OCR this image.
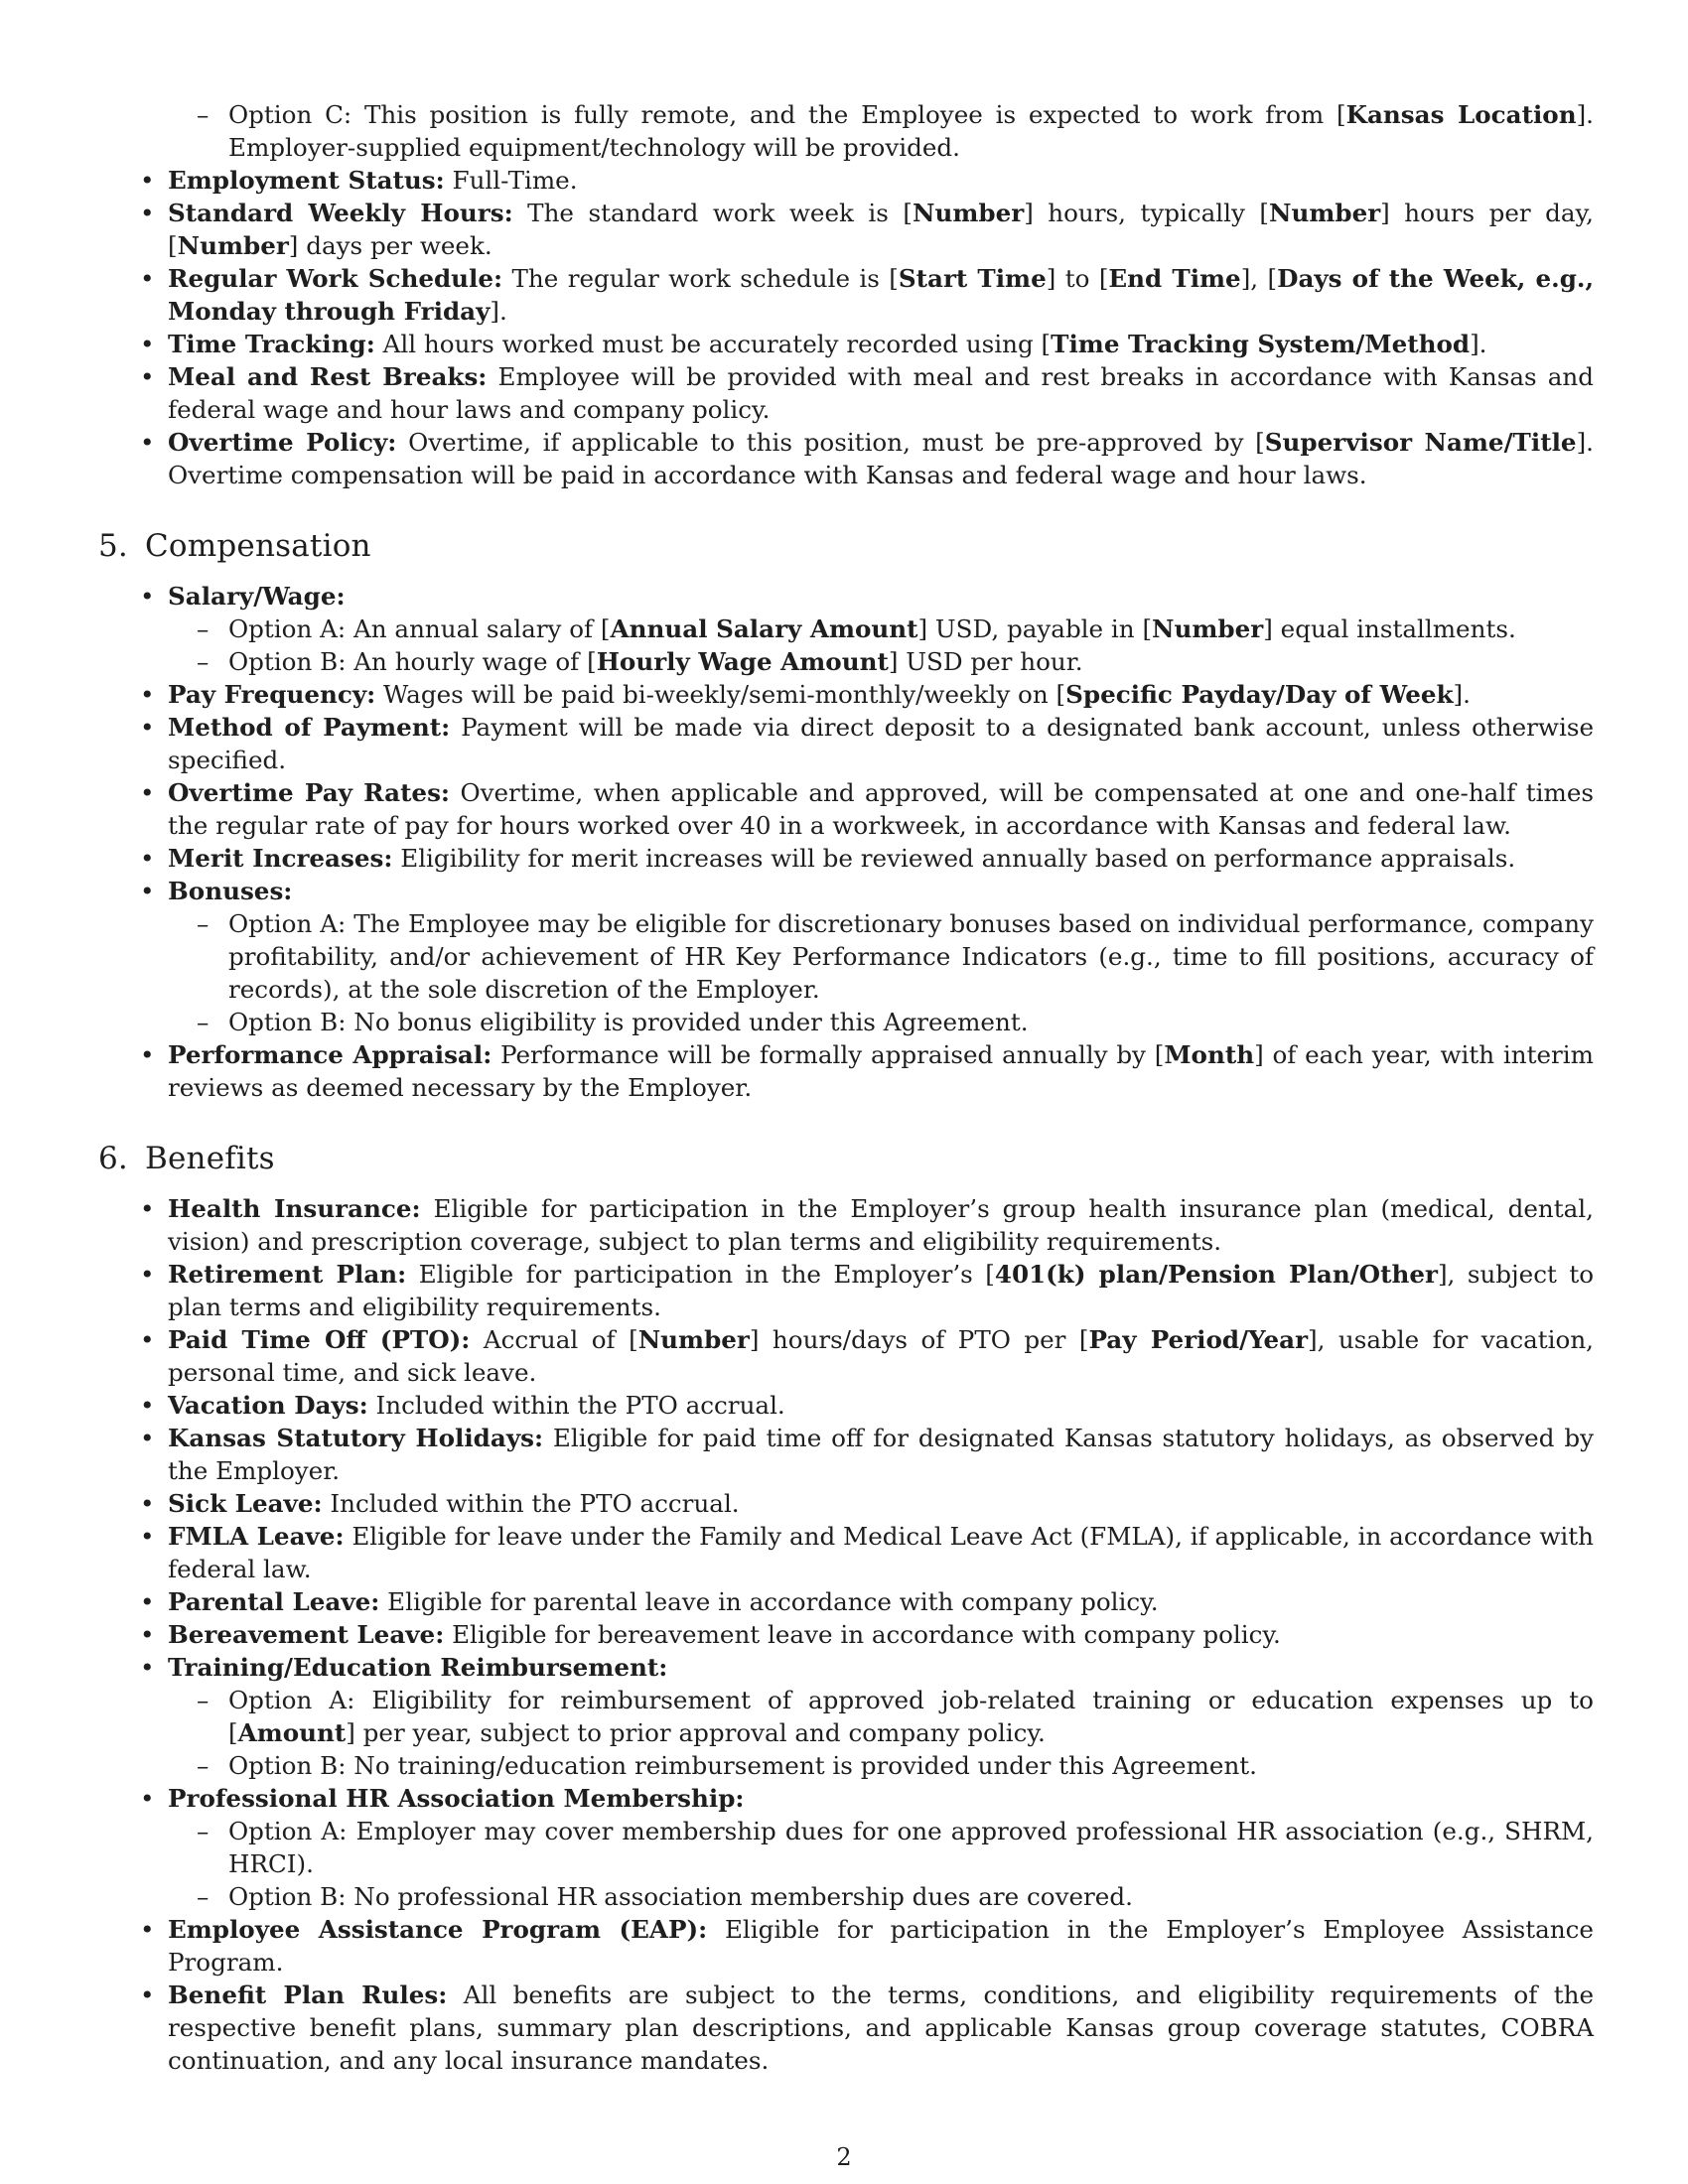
– Option C: This position is fully remote, and the Employee is expected to work from [Kansas Location]. Employer-supplied equipment/technology will be provided.
• Employment Status: Full-Time.
• Standard Weekly Hours: The standard work week is [Number] hours, typically [Number] hours per day, [Number] days per week.
• Regular Work Schedule: The regular work schedule is [Start Time] to [End Time], [Days of the Week, e.g., Monday through Friday].
• Time Tracking: All hours worked must be accurately recorded using [Time Tracking System/Method].
• Meal and Rest Breaks: Employee will be provided with meal and rest breaks in accordance with Kansas and federal wage and hour laws and company policy.
• Overtime Policy: Overtime, if applicable to this position, must be pre-approved by [Supervisor Name/Title]. Overtime compensation will be paid in accordance with Kansas and federal wage and hour laws.
5. Compensation
• Salary/Wage:
– Option A: An annual salary of [Annual Salary Amount] USD, payable in [Number] equal installments.
– Option B: An hourly wage of [Hourly Wage Amount] USD per hour.
• Pay Frequency: Wages will be paid bi-weekly/semi-monthly/weekly on [Specific Payday/Day of Week].
• Method of Payment: Payment will be made via direct deposit to a designated bank account, unless otherwise specified.
• Overtime Pay Rates: Overtime, when applicable and approved, will be compensated at one and one-half times the regular rate of pay for hours worked over 40 in a workweek, in accordance with Kansas and federal law.
• Merit Increases: Eligibility for merit increases will be reviewed annually based on performance appraisals.
• Bonuses:
– Option A: The Employee may be eligible for discretionary bonuses based on individual performance, company profitability, and/or achievement of HR Key Performance Indicators (e.g., time to fill positions, accuracy of records), at the sole discretion of the Employer.
– Option B: No bonus eligibility is provided under this Agreement.
• Performance Appraisal: Performance will be formally appraised annually by [Month] of each year, with interim reviews as deemed necessary by the Employer.
6. Benefits
• Health Insurance: Eligible for participation in the Employer’s group health insurance plan (medical, dental, vision) and prescription coverage, subject to plan terms and eligibility requirements.
• Retirement Plan: Eligible for participation in the Employer’s [401(k) plan/Pension Plan/Other], subject to plan terms and eligibility requirements.
• Paid Time Off (PTO): Accrual of [Number] hours/days of PTO per [Pay Period/Year], usable for vacation, personal time, and sick leave.
• Vacation Days: Included within the PTO accrual.
• Kansas Statutory Holidays: Eligible for paid time off for designated Kansas statutory holidays, as observed by the Employer.
• Sick Leave: Included within the PTO accrual.
• FMLA Leave: Eligible for leave under the Family and Medical Leave Act (FMLA), if applicable, in accordance with federal law.
• Parental Leave: Eligible for parental leave in accordance with company policy.
• Bereavement Leave: Eligible for bereavement leave in accordance with company policy.
• Training/Education Reimbursement:
– Option A: Eligibility for reimbursement of approved job-related training or education expenses up to [Amount] per year, subject to prior approval and company policy.
– Option B: No training/education reimbursement is provided under this Agreement.
• Professional HR Association Membership:
– Option A: Employer may cover membership dues for one approved professional HR association (e.g., SHRM, HRCI).
– Option B: No professional HR association membership dues are covered.
• Employee Assistance Program (EAP): Eligible for participation in the Employer’s Employee Assistance Program.
• Benefit Plan Rules: All benefits are subject to the terms, conditions, and eligibility requirements of the respective benefit plans, summary plan descriptions, and applicable Kansas group coverage statutes, COBRA continuation, and any local insurance mandates.
2
